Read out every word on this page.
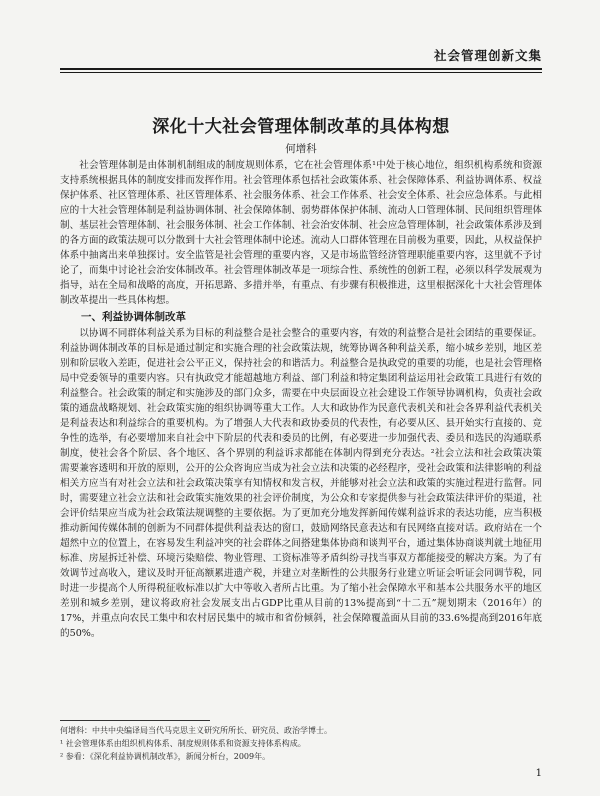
社会管理创新文集
深化十大社会管理体制改革的具体构想
何增科

社会管理体制是由体制机制组成的制度规则体系，它在社会管理体系¹中处于核心地位，组织机构系统和资源支持系统根据具体的制度安排而发挥作用。社会管理体系包括社会政策体系、社会保障体系、利益协调体系、权益保护体系、社区管理体系、社区管理体系、社会服务体系、社会工作体系、社会安全体系、社会应急体系。与此相应的十大社会管理体制是利益协调体制、社会保障体制、弱势群体保护体制、流动人口管理体制、民间组织管理体制、基层社会管理体制、社会服务体制、社会工作体制、社会治安体制、社会应急管理体制，社会政策体系涉及到的各方面的政策法规可以分散到十大社会管理体制中论述。流动人口群体管理在目前极为重要，因此，从权益保护体系中抽离出来单独探讨。安全监管是社会管理的重要内容，又是市场监管经济管理职能重要内容，这里就不予讨论了，而集中讨论社会治安体制改革。社会管理体制改革是一项综合性、系统性的创新工程，必须以科学发展观为指导，站在全局和战略的高度，开拓思路、多措并举，有重点、有步骤有积极推进，这里根据深化十大社会管理体制改革提出一些具体构想。

一、利益协调体制改革

以协调不同群体利益关系为目标的利益整合是社会整合的重要内容，有效的利益整合是社会团结的重要保证。利益协调体制改革的目标是通过制定和实施合理的社会政策法规，统筹协调各种利益关系，缩小城乡差别，地区差别和阶层收入差距，促进社会公平正义，保持社会的和谐活力。利益整合是执政党的重要的功能，也是社会管理格局中党委领导的重要内容。只有执政党才能超越地方利益、部门利益和特定集团利益运用社会政策工具进行有效的利益整合。社会政策的制定和实施涉及的部门众多，需要在中央层面设立社会建设工作领导协调机构，负责社会政策的通盘战略规划、社会政策实施的组织协调等重大工作。人大和政协作为民意代表机关和社会各界利益代表机关是利益表达和利益综合的重要机构。为了增强人大代表和政协委员的代表性，有必要从区、县开始实行直接的、竞争性的选举，有必要增加来自社会中下阶层的代表和委员的比例，有必要进一步加强代表、委员和选民的沟通联系制度，使社会各个阶层、各个地区、各个界别的利益诉求都能在体制内得到充分表达。²社会立法和社会政策决策需要兼容透明和开放的原则，公开的公众咨询应当成为社会立法和决策的必经程序，受社会政策和法律影响的利益相关方应当有对社会立法和社会政策决策享有知情权和发言权，并能够对社会立法和政策的实施过程进行监督。同时，需要建立社会立法和社会政策实施效果的社会评价制度，为公众和专家提供参与社会政策法律评价的渠道，社会评价结果应当成为社会政策法规调整的主要依据。为了更加充分地发挥新闻传媒利益诉求的表达功能，应当积极推动新闻传媒体制的创新为不同群体提供利益表达的窗口，鼓励网络民意表达和有民网络直接对话。政府站在一个超然中立的位置上，在容易发生利益冲突的社会群体之间搭建集体协商和谈判平台，通过集体协商谈判就土地征用标准、房屋拆迁补偿、环境污染赔偿、物业管理、工资标准等矛盾纠纷寻找当事双方都能接受的解决方案。为了有效调节过高收入，建议及时开征高额累进遗产税，并建立对垄断性的公共服务行业建立听证会听证会同调节税，同时进一步提高个人所得税征收标准以扩大中等收入者所占比重。为了缩小社会保障水平和基本公共服务水平的地区差别和城乡差别，建议将政府社会发展支出占GDP比重从目前的13%提高到“十二五”规划期末（2016年）的17%，并重点向农民工集中和农村居民集中的城市和省份倾斜，社会保障覆盖面从目前的33.6%提高到2016年底的50%。

何增科：中共中央编译局当代马克思主义研究所所长、研究员、政治学博士。
¹ 社会管理体系由组织机构体系、制度规则体系和资源支持体系构成。
² 参看：《深化利益协调机制改革》，新闻分析台，2009年。
1
